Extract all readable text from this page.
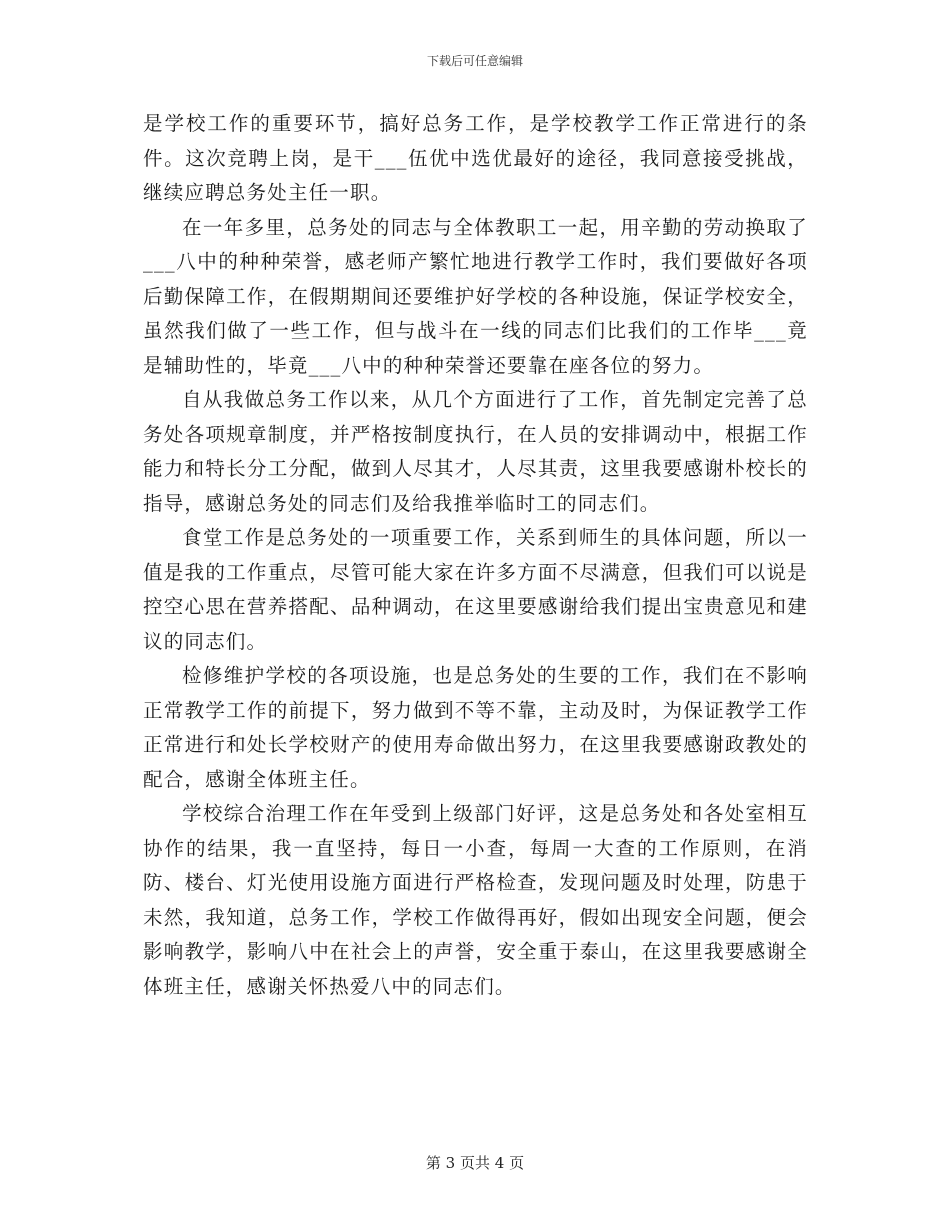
下载后可任意编辑

是学校工作的重要环节，搞好总务工作，是学校教学工作正常进行的条件。这次竞聘上岗，是干___伍优中选优最好的途径，我同意接受挑战，继续应聘总务处主任一职。

在一年多里，总务处的同志与全体教职工一起，用辛勤的劳动换取了___八中的种种荣誉，感老师产繁忙地进行教学工作时，我们要做好各项后勤保障工作，在假期期间还要维护好学校的各种设施，保证学校安全，虽然我们做了一些工作，但与战斗在一线的同志们比我们的工作毕___竟是辅助性的，毕竟___八中的种种荣誉还要靠在座各位的努力。

自从我做总务工作以来，从几个方面进行了工作，首先制定完善了总务处各项规章制度，并严格按制度执行，在人员的安排调动中，根据工作能力和特长分工分配，做到人尽其才，人尽其责，这里我要感谢朴校长的指导，感谢总务处的同志们及给我推举临时工的同志们。

食堂工作是总务处的一项重要工作，关系到师生的具体问题，所以一值是我的工作重点，尽管可能大家在许多方面不尽满意，但我们可以说是控空心思在营养搭配、品种调动，在这里要感谢给我们提出宝贵意见和建议的同志们。

检修维护学校的各项设施，也是总务处的生要的工作，我们在不影响正常教学工作的前提下，努力做到不等不靠，主动及时，为保证教学工作正常进行和处长学校财产的使用寿命做出努力，在这里我要感谢政教处的配合，感谢全体班主任。

学校综合治理工作在年受到上级部门好评，这是总务处和各处室相互协作的结果，我一直坚持，每日一小查，每周一大查的工作原则，在消防、楼台、灯光使用设施方面进行严格检查，发现问题及时处理，防患于未然，我知道，总务工作，学校工作做得再好，假如出现安全问题，便会影响教学，影响八中在社会上的声誉，安全重于泰山，在这里我要感谢全体班主任，感谢关怀热爱八中的同志们。

第 3 页共 4 页
